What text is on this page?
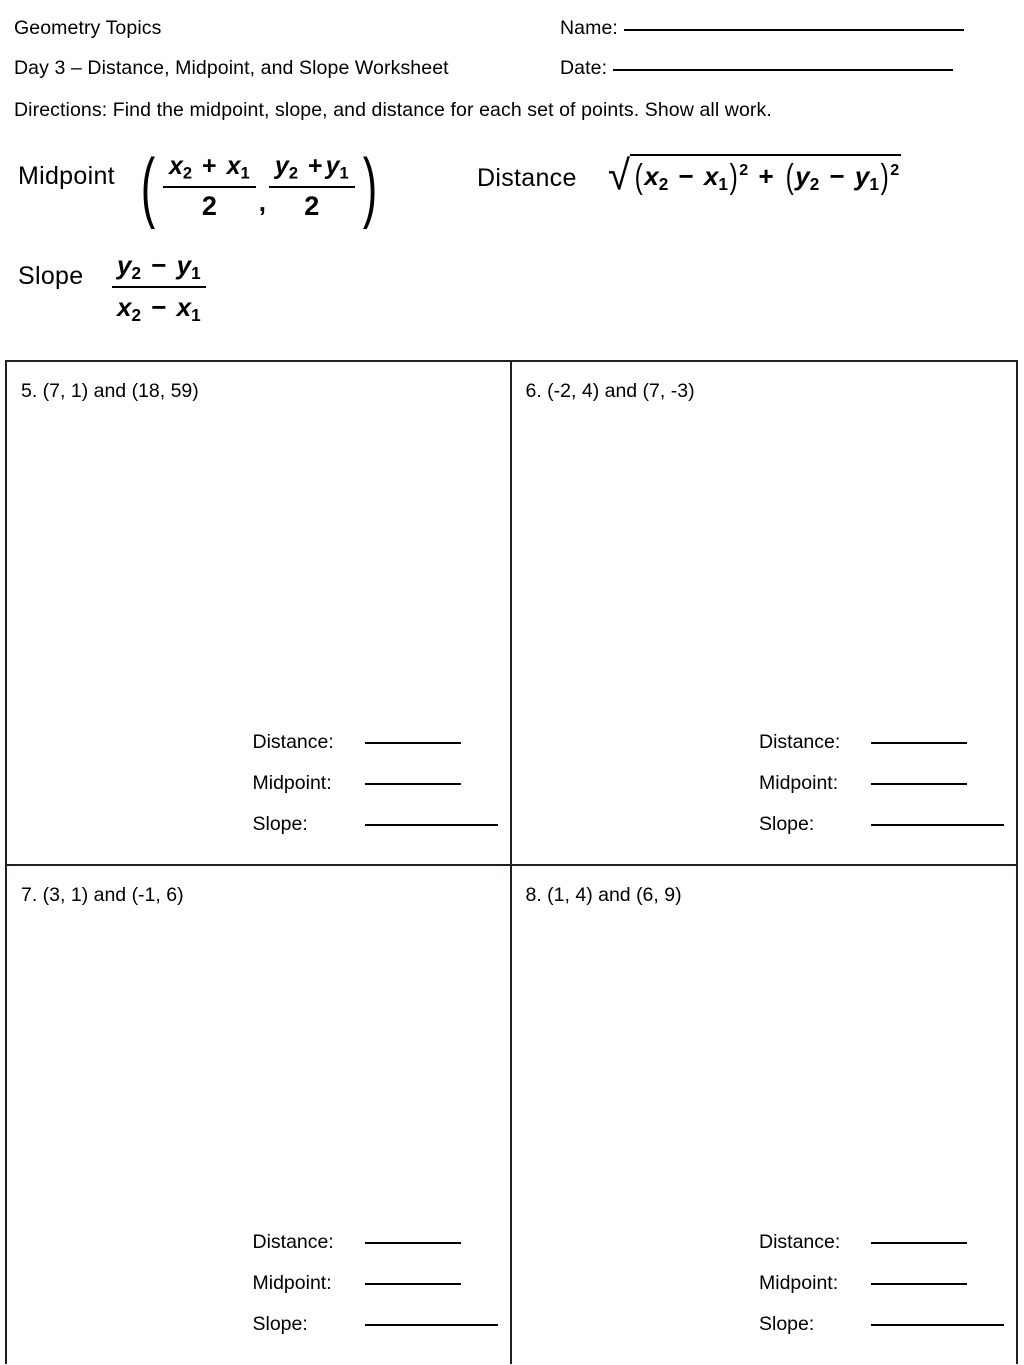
Geometry Topics	Name:
Day 3 – Distance, Midpoint, and Slope Worksheet	Date:
Directions: Find the midpoint, slope, and distance for each set of points. Show all work.
Midpoint ( $\frac{x_2 + x_1}{2}$ , $\frac{y_2 + y_1}{2}$ )	Distance √ $(x_2 - x_1)^2 + (y_2 - y_1)^2$
Slope $y_2 - y_1$
$x_2 - x_1$
5. (7, 1) and (18, 59)
Distance:
Midpoint:
Slope:
6. (-2, 4) and (7, -3)
Distance:
Midpoint:
Slope:
7. (3, 1) and (-1, 6)
Distance:
Midpoint:
Slope:
8. (1, 4) and (6, 9)
Distance:
Midpoint:
Slope:
